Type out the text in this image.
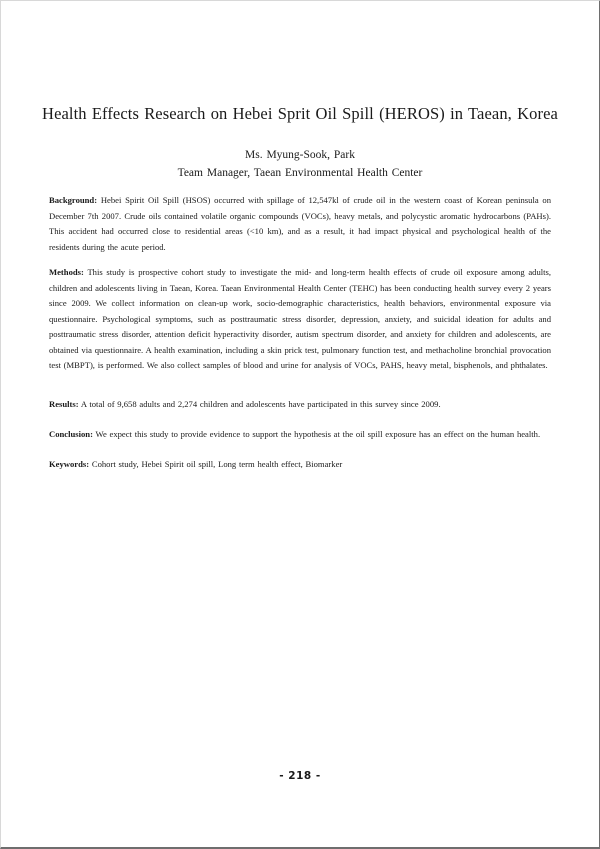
Health Effects Research on Hebei Sprit Oil Spill (HEROS) in Taean, Korea
Ms. Myung-Sook, Park
Team Manager, Taean Environmental Health Center
Background: Hebei Spirit Oil Spill (HSOS) occurred with spillage of 12,547kl of crude oil in the western coast of Korean peninsula on December 7th 2007. Crude oils contained volatile organic compounds (VOCs), heavy metals, and polycystic aromatic hydrocarbons (PAHs). This accident had occurred close to residential areas (<10 km), and as a result, it had impact physical and psychological health of the residents during the acute period.
Methods: This study is prospective cohort study to investigate the mid- and long-term health effects of crude oil exposure among adults, children and adolescents living in Taean, Korea. Taean Environmental Health Center (TEHC) has been conducting health survey every 2 years since 2009. We collect information on clean-up work, socio-demographic characteristics, health behaviors, environmental exposure via questionnaire. Psychological symptoms, such as posttraumatic stress disorder, depression, anxiety, and suicidal ideation for adults and posttraumatic stress disorder, attention deficit hyperactivity disorder, autism spectrum disorder, and anxiety for children and adolescents, are obtained via questionnaire. A health examination, including a skin prick test, pulmonary function test, and methacholine bronchial provocation test (MBPT), is performed. We also collect samples of blood and urine for analysis of VOCs, PAHS, heavy metal, bisphenols, and phthalates.
Results: A total of 9,658 adults and 2,274 children and adolescents have participated in this survey since 2009.
Conclusion: We expect this study to provide evidence to support the hypothesis at the oil spill exposure has an effect on the human health.
Keywords: Cohort study, Hebei Spirit oil spill, Long term health effect, Biomarker
- 218 -
